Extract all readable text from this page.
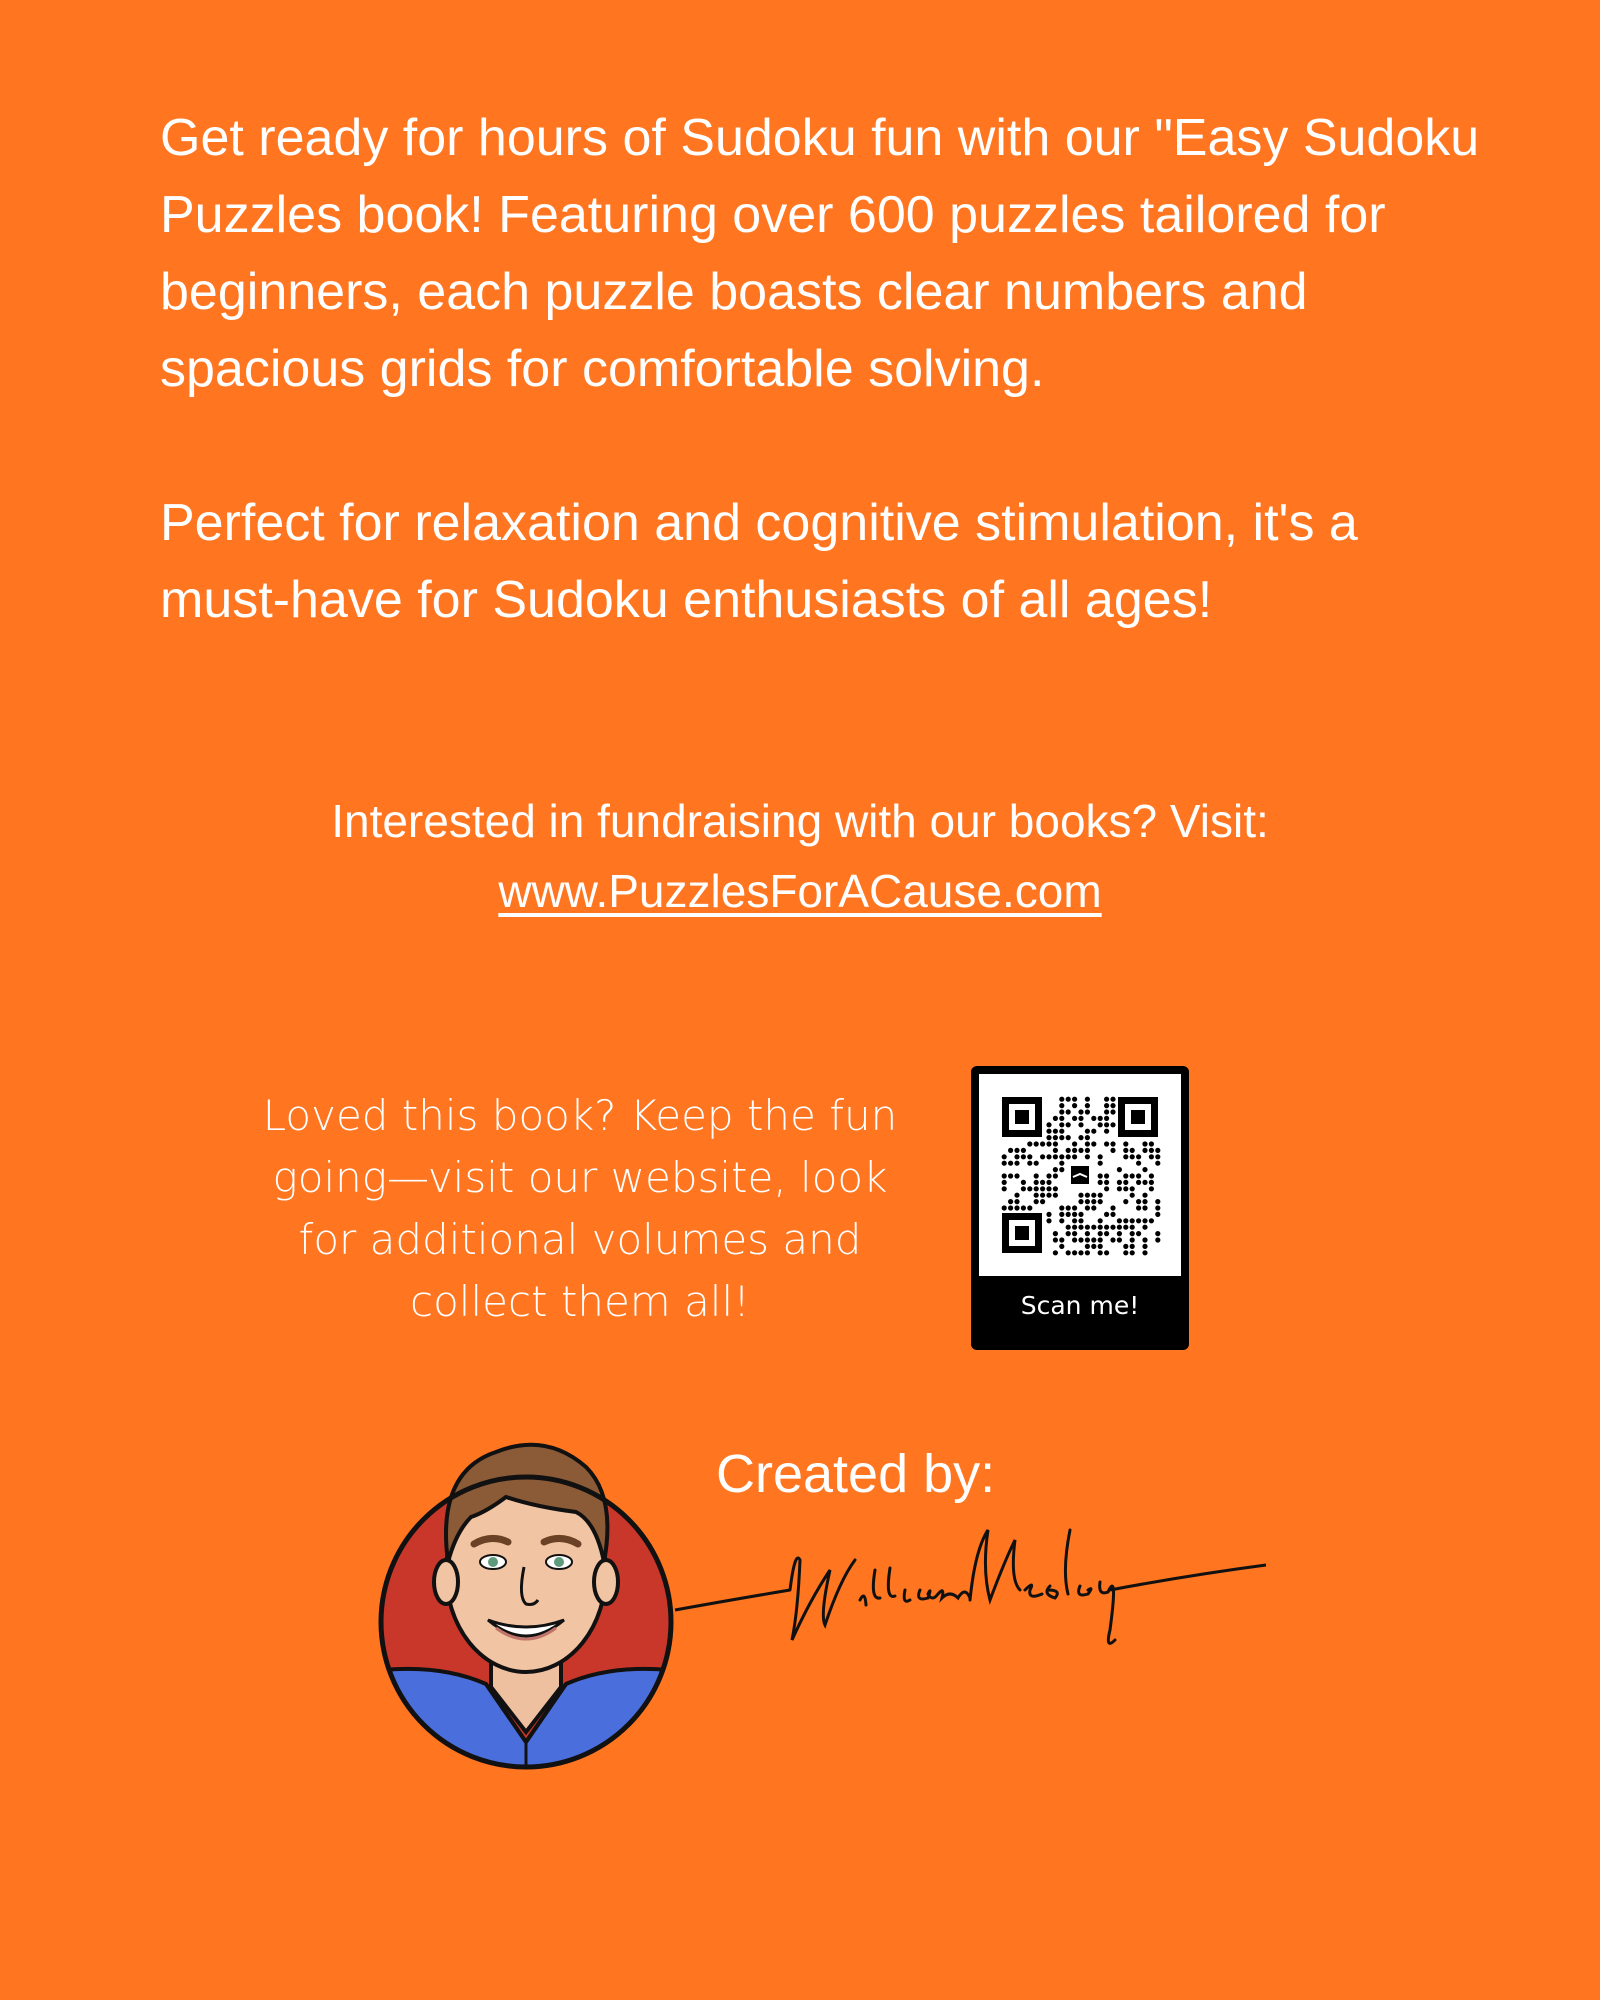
Get ready for hours of Sudoku fun with our "Easy Sudoku Puzzles book! Featuring over 600 puzzles tailored for beginners, each puzzle boasts clear numbers and spacious grids for comfortable solving.

Perfect for relaxation and cognitive stimulation, it's a must-have for Sudoku enthusiasts of all ages!

Interested in fundraising with our books? Visit:
www.PuzzlesForACause.com
Loved this book? Keep the fun going—visit our website, look for additional volumes and collect them all!	Scan me!
Created by:
